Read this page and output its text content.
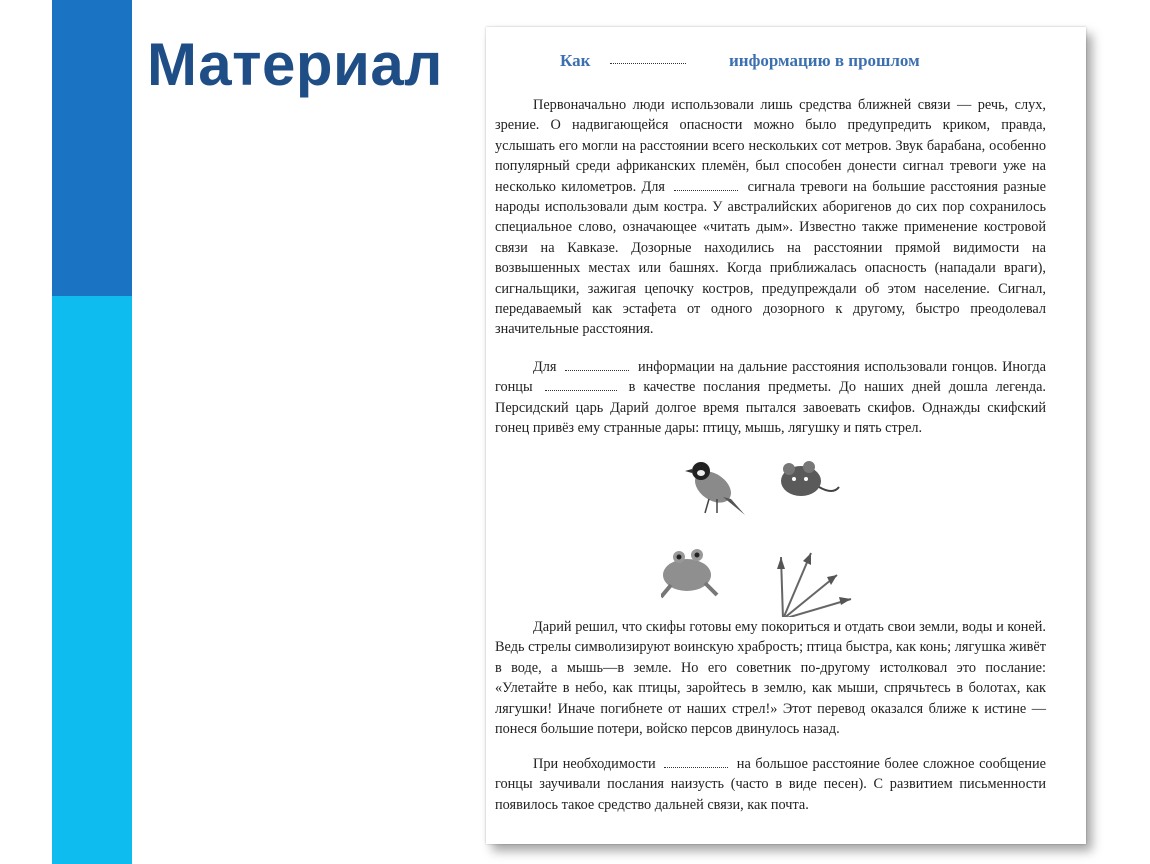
Материал	Как	информацию в прошлом
Первоначально люди использовали лишь средства ближней связи — речь, слух, зрение. О надвигающейся опасности можно было предупредить криком, правда, услышать его могли на расстоянии всего нескольких сот метров. Звук барабана, особенно популярный среди африканских племён, был способен донести сигнал тревоги уже на несколько километров. Для	сигнала тревоги на большие расстояния разные народы использовали дым костра. У австралийских аборигенов до сих пор сохранилось специальное слово, означающее «читать дым». Известно также применение костровой связи на Кавказе. Дозорные находились на расстоянии прямой видимости на возвышенных местах или башнях. Когда приближалась опасность (нападали враги), сигнальщики, зажигая цепочку костров, предупреждали об этом население. Сигнал, передаваемый как эстафета от одного дозорного к другому, быстро преодолевал значительные расстояния.
Для	информации на дальние расстояния использовали гонцов. Иногда гонцы	в качестве послания предметы. До наших дней дошла легенда. Персидский царь Дарий долгое время пытался завоевать скифов. Однажды скифский гонец привёз ему странные дары: птицу, мышь, лягушку и пять стрел.
Дарий решил, что скифы готовы ему покориться и отдать свои земли, воды и коней. Ведь стрелы символизируют воинскую храбрость; птица быстра, как конь; лягушка живёт в воде, а мышь—в земле. Но его советник по-другому истолковал это послание: «Улетайте в небо, как птицы, заройтесь в землю, как мыши, спрячьтесь в болотах, как лягушки! Иначе погибнете от наших стрел!» Этот перевод оказался ближе к истине — понеся большие потери, войско персов двинулось назад.
При необходимости	на большое расстояние более сложное сообщение гонцы заучивали послания наизусть (часто в виде песен). С развитием письменности появилось такое средство дальней связи, как почта.
